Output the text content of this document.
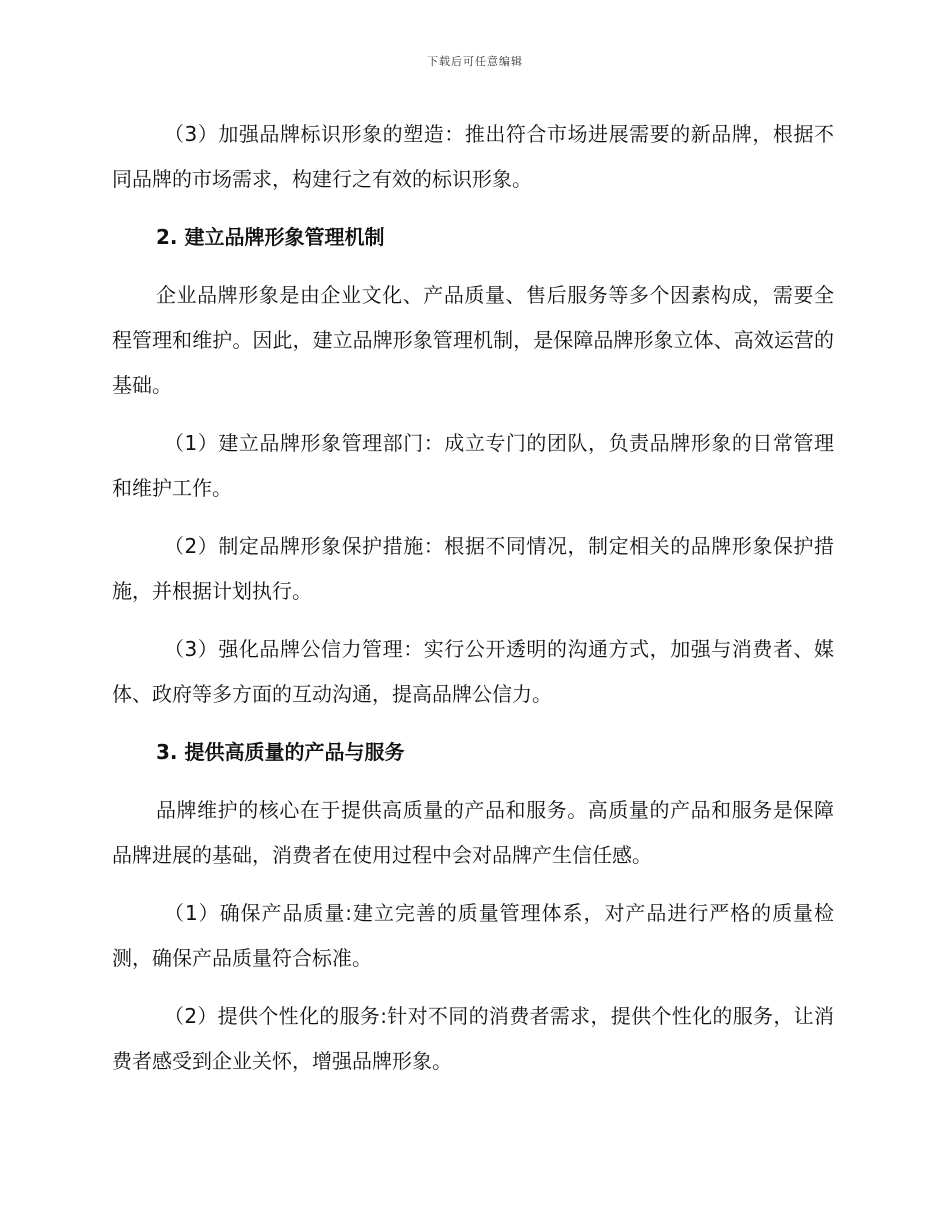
下载后可任意编辑

（3）加强品牌标识形象的塑造：推出符合市场进展需要的新品牌，根据不同品牌的市场需求，构建行之有效的标识形象。

2. 建立品牌形象管理机制

企业品牌形象是由企业文化、产品质量、售后服务等多个因素构成，需要全程管理和维护。因此，建立品牌形象管理机制，是保障品牌形象立体、高效运营的基础。

（1）建立品牌形象管理部门：成立专门的团队，负责品牌形象的日常管理和维护工作。

（2）制定品牌形象保护措施：根据不同情况，制定相关的品牌形象保护措施，并根据计划执行。

（3）强化品牌公信力管理：实行公开透明的沟通方式，加强与消费者、媒体、政府等多方面的互动沟通，提高品牌公信力。

3. 提供高质量的产品与服务

品牌维护的核心在于提供高质量的产品和服务。高质量的产品和服务是保障品牌进展的基础，消费者在使用过程中会对品牌产生信任感。

（1）确保产品质量:建立完善的质量管理体系，对产品进行严格的质量检测，确保产品质量符合标准。

（2）提供个性化的服务:针对不同的消费者需求，提供个性化的服务，让消费者感受到企业关怀，增强品牌形象。
